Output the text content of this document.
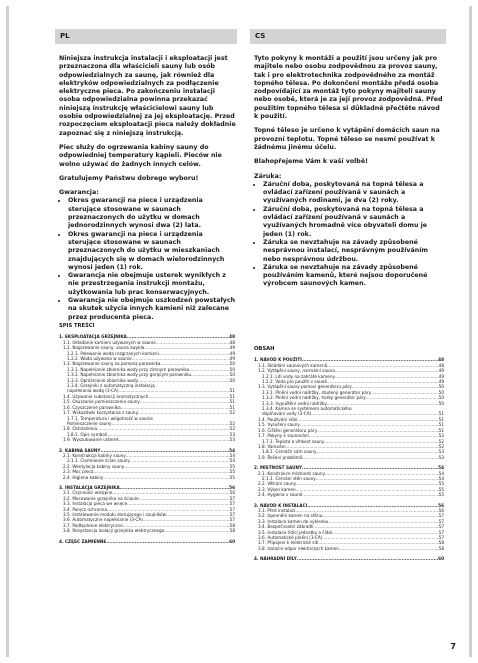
PL	CS

Niniejsza instrukcja instalacji i eksploatacji jest przeznaczona dla właścicieli sauny lub osób odpowiedzialnych za saunę, jak również dla elektryków odpowiedzialnych za podłączenie elektryczne pieca. Po zakończeniu instalacji osoba odpowiedzialna powinna przekazać niniejszą instrukcję właścicielowi sauny lub osobie odpowiedzialnej za jej eksploatację. Przed rozpoczęciem eksploatacji pieca należy dokładnie zapoznać się z niniejszą instrukcją.

Piec służy do ogrzewania kabiny sauny do odpowiedniej temperatury kąpieli. Pieców nie wolno używać do żadnych innych celów.

Gratulujemy Państwu dobrego wyboru!

Gwarancja:

• Okres gwarancji na piece i urządzenia sterujące stosowane w saunach przeznaczonych do użytku w domach jednorodzinnych wynosi dwa (2) lata.
• Okres gwarancji na piece i urządzenia sterujące stosowane w saunach przeznaczonych do użytku w mieszkaniach znajdujących się w domach wielorodzinnych wynosi jeden (1) rok.
• Gwarancja nie obejmuje usterek wynikłych z nie przestrzegania instrukcji montażu, użytkowania lub prac konserwacyjnych.
• Gwarancja nie obejmuje uszkodzeń powstałych na skutek użycia innych kamieni niż zalecane przez producenta pieca.

Tyto pokyny k montáži a použití jsou určeny jak pro majitele nebo osobu zodpovědnou za provoz sauny, tak i pro elektrotechnika zodpovědného za montáž topného tělesa. Po dokončení montáže předá osoba zodpovídající za montáž tyto pokyny majiteli sauny nebo osobě, která je za její provoz zodpovědná. Před použitím topného tělesa si důkladně přečtěte návod k použití.

Topné těleso je určeno k vytápění domácích saun na provozní teplotu. Topné těleso se nesmí používat k žádnému jinému účelu.

Blahopřejeme Vám k vaší volbě!

Záruka:

• Záruční doba, poskytovaná na topná tělesa a ovládací zařízení používaná v saunách a využívaných rodinami, je dva (2) roky.
• Záruční doba, poskytovaná na topná tělesa a ovládací zařízení používaná v saunách a využívaných hromadně více obyvateli domu je jeden (1) rok.
• Záruka se nevztahuje na závady způsobené nesprávnou instalací, nesprávným používáním nebo nesprávnou údržbou.
• Záruka se nevztahuje na závady způsobené používáním kamenů, které nejsou doporučené výrobcem saunových kamen.
SPIS TREŚCI
1. EKSPLOATACJA GRZEJNIKA .....	48
1.1. Układanie kamieni używanych w saunie .....	48
1.2. Nagrzewanie sauny, sauna zwykła .....	49
1.2.1. Polewanie woda rozgrzanych kamieni .....	49
1.2.2. Woda używana w saunie .....	49
1.3. Nagrzewanie sauny za pomocą parownika .....	50
1.3.1. Napełnianie zbiornika wody przy zimnym parowniku .....	50
1.3.2. Napełnianie zbiornika wody przy gorącym parowniku .....	50
1.3.3. Opróżnianie zbiornika wody .....	50
1.3.4. Grzejniki z automatyczną instalacją
napełniania wodą (3-CA) .....	51
1.4. Używanie substancji aromatycznych .....	51
1.5. Osuszanie pomieszczenia sauny .....	51
1.6. Czyszczenie parownika .....	51
1.7. Wskazówki korzystania z sauny .....	52
1.7.1. Temperatura i wilgotność w saunie
Pomieszczenie sauny .....	52
1.8. Ostrzeżenia .....	52
1.8.1. Opis symboli .....	53
1.9. Wyszukiwanie usterek .....	53
2. KABINA SAUNY .....	54
2.1. Konstrukcja kabiny sauny .....	54
2.1.1. Ciemnienie ścian sauny .....	54
2.2. Wentylacja kabiny sauny .....	55
2.3. Moc pieca .....	55
2.4. Higiena kabiny .....	55
3. INSTALACJA GRZEJNIKA .....	56
3.1. Czynności wstępne .....	56
3.2. Mocowanie grzejnika na ścianie .....	57
3.3. Instalacja pieca we wnęce .....	57
3.4. Poręcz ochronna .....	57
3.5. Instalowanie modułu sterującego i czujników .....	57
3.6. Automatyczne napełnianie (3-CA) .....	57
3.7. Podłączenie elektryczne .....	58
3.8. Rezystancja izolacji grzejnika elektrycznego .....	58
4. CZĘŚĆ ZAMIENNE .....	60
OBSAH
1. NÁVOD K POUŽITÍ .....	48
1.1. Skládání saunových kamenů .....	48
1.2. Vytápění sauny, normální sauna .....	49
1.2.1. Lití vody na zahřáté kameny .....	49
1.2.2. Voda pro použití v sauně .....	49
1.3. Vytápění sauny pomocí generátoru páry .....	50
1.3.1. Plnění vodní nádržky, studený generátor páry .....	50
1.3.2. Plnění vodní nádržky, horký generátor páry .....	50
1.3.3. Vypuštění vodní nádržky .....	50
1.3.4. Kamna se systémem automatického
doplňování vody (3-CA) .....	51
1.4. Používání vůní .....	51
1.5. Vysušení sauny .....	51
1.6. Čištění generátoru páry .....	51
1.7. Pokyny k saunování .....	52
1.7.1. Teplota a vlhkost sauny .....	52
1.8. Varování .....	52
1.8.1. Cemáčn sám sauny .....	53
1.9. Řešení problémů .....	53
2. MÍSTNOST SAUNY .....	54
2.1. Konstrukce místnosti sauny .....	54
2.1.1. Černání stěn sauny .....	54
2.2. Větrání sauny .....	55
2.3. Výkon kamen .....	55
2.4. Hygiena v sauně .....	55
3. NÁVOD K INSTALACI .....	56
3.1. Před instalací .....	56
3.2. Upevnění kamen na stěnu .....	57
3.3. Instalace kamen do výklenku .....	57
3.4. Bezpečnostní zábradlí .....	57
3.5. Instalace řídicí jednotky a čidel .....	57
3.6. Automatické plnění (3-CA) .....	57
3.7. Připojení k elektrické síti .....	58
3.8. Izolační odpor elektrických kamen .....	58
4. NÁHRADNÍ DÍLY .....	60
7
